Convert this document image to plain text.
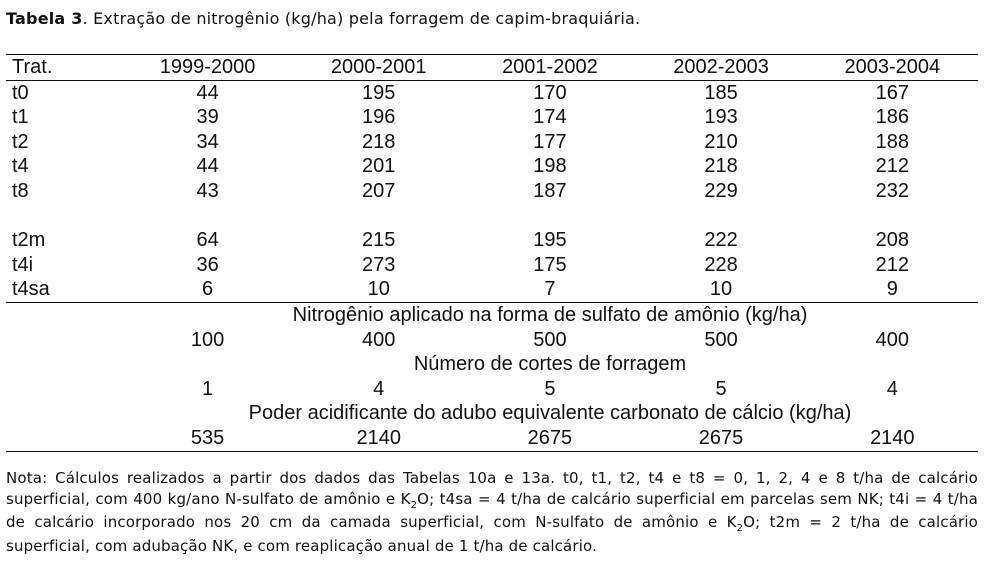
Tabela 3. Extração de nitrogênio (kg/ha) pela forragem de capim-braquiária.
Trat.	1999-2000	2000-2001	2001-2002	2002-2003	2003-2004
t0	44	195	170	185	167
t1	39	196	174	193	186
t2	34	218	177	210	188
t4	44	201	198	218	212
t8	43	207	187	229	232

t2m	64	215	195	222	208
t4i	36	273	175	228	212
t4sa	6	10	7	10	9
	Nitrogênio aplicado na forma de sulfato de amônio (kg/ha)				
	100	400	500	500	400
	Número de cortes de forragem				
	1	4	5	5	4
	Poder acidificante do adubo equivalente carbonato de cálcio (kg/ha)				
	535	2140	2675	2675	2140
Nota: Cálculos realizados a partir dos dados das Tabelas 10a e 13a. t0, t1, t2, t4 e t8 = 0, 1, 2, 4 e 8 t/ha de calcário superficial, com 400 kg/ano N-sulfato de amônio e $K_2O$; t4sa = 4 t/ha de calcário superficial em parcelas sem NK; t4i = 4 t/ha de calcário incorporado nos 20 cm da camada superficial, com N-sulfato de amônio e $K_2O$; t2m = 2 t/ha de calcário superficial, com adubação NK, e com reaplicação anual de 1 t/ha de calcário.
